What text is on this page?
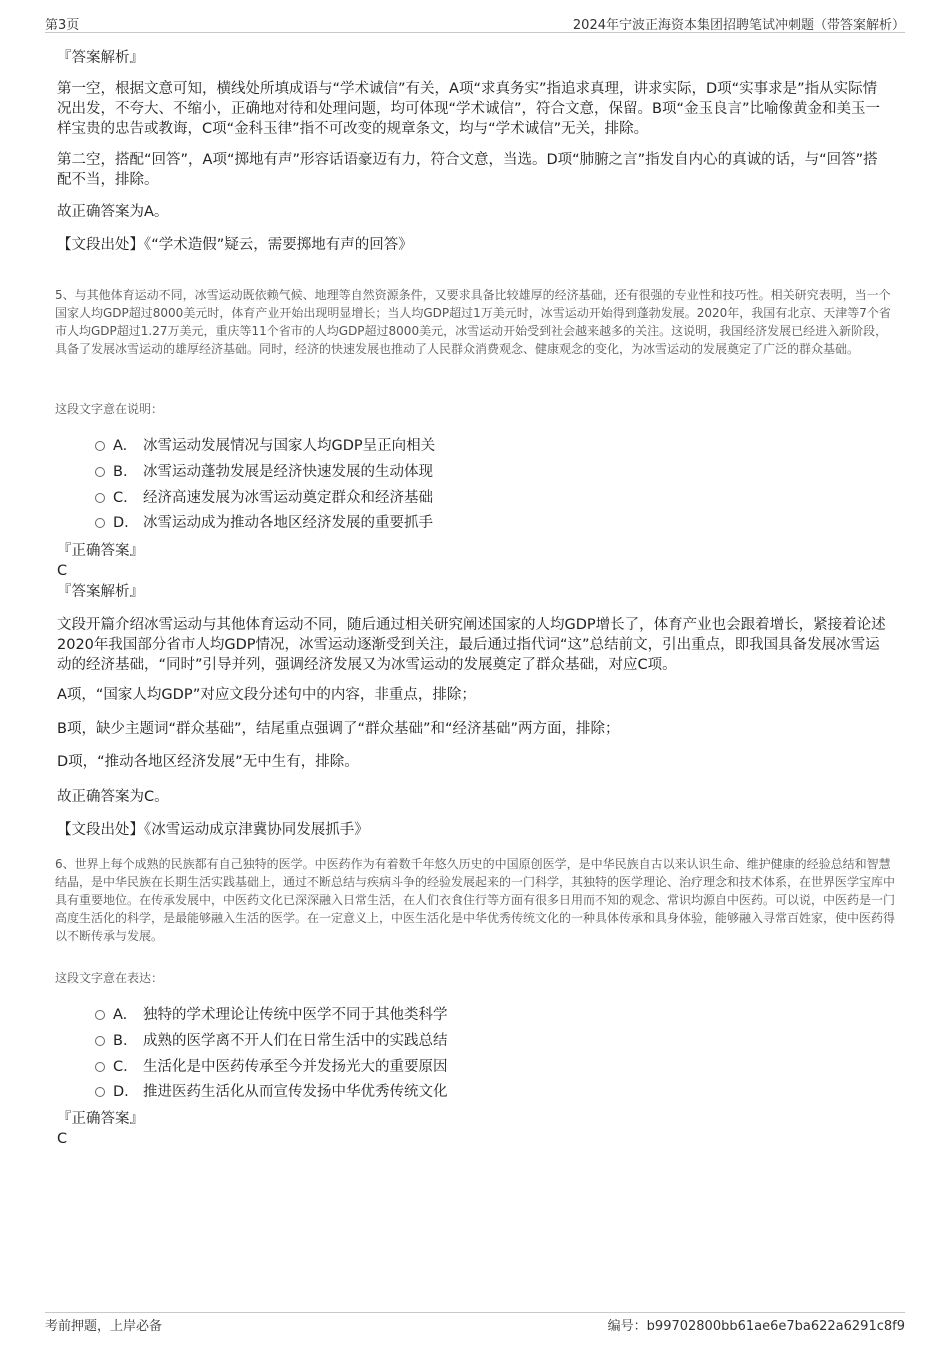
第3页	2024年宁波正海资本集团招聘笔试冲刺题（带答案解析）

『答案解析』

第一空，根据文意可知，横线处所填成语与“学术诚信”有关，A项“求真务实”指追求真理，讲求实际，D项“实事求是”指从实际情况出发，不夸大、不缩小，正确地对待和处理问题，均可体现“学术诚信”，符合文意，保留。B项“金玉良言”比喻像黄金和美玉一样宝贵的忠告或教诲，C项“金科玉律”指不可改变的规章条文，均与“学术诚信”无关，排除。

第二空，搭配“回答”，A项“掷地有声”形容话语豪迈有力，符合文意，当选。D项“肺腑之言”指发自内心的真诚的话，与“回答”搭配不当，排除。

故正确答案为A。

【文段出处】《“学术造假”疑云，需要掷地有声的回答》

5、与其他体育运动不同，冰雪运动既依赖气候、地理等自然资源条件，又要求具备比较雄厚的经济基础，还有很强的专业性和技巧性。相关研究表明，当一个国家人均GDP超过8000美元时，体育产业开始出现明显增长；当人均GDP超过1万美元时，冰雪运动开始得到蓬勃发展。2020年，我国有北京、天津等7个省市人均GDP超过1.27万美元，重庆等11个省市的人均GDP超过8000美元，冰雪运动开始受到社会越来越多的关注。这说明，我国经济发展已经进入新阶段，具备了发展冰雪运动的雄厚经济基础。同时，经济的快速发展也推动了人民群众消费观念、健康观念的变化，为冰雪运动的发展奠定了广泛的群众基础。

这段文字意在说明：

A. 冰雪运动发展情况与国家人均GDP呈正向相关
B. 冰雪运动蓬勃发展是经济快速发展的生动体现
C. 经济高速发展为冰雪运动奠定群众和经济基础
D. 冰雪运动成为推动各地区经济发展的重要抓手

『正确答案』

C

『答案解析』

文段开篇介绍冰雪运动与其他体育运动不同，随后通过相关研究阐述国家的人均GDP增长了，体育产业也会跟着增长，紧接着论述2020年我国部分省市人均GDP情况，冰雪运动逐渐受到关注，最后通过指代词“这”总结前文，引出重点，即我国具备发展冰雪运动的经济基础，“同时”引导并列，强调经济发展又为冰雪运动的发展奠定了群众基础，对应C项。

A项，“国家人均GDP”对应文段分述句中的内容，非重点，排除；

B项，缺少主题词“群众基础”，结尾重点强调了“群众基础”和“经济基础”两方面，排除；

D项，“推动各地区经济发展”无中生有，排除。

故正确答案为C。

【文段出处】《冰雪运动成京津冀协同发展抓手》

6、世界上每个成熟的民族都有自己独特的医学。中医药作为有着数千年悠久历史的中国原创医学，是中华民族自古以来认识生命、维护健康的经验总结和智慧结晶，是中华民族在长期生活实践基础上，通过不断总结与疾病斗争的经验发展起来的一门科学，其独特的医学理论、治疗理念和技术体系，在世界医学宝库中具有重要地位。在传承发展中，中医药文化已深深融入日常生活，在人们衣食住行等方面有很多日用而不知的观念、常识均源自中医药。可以说，中医药是一门高度生活化的科学，是最能够融入生活的医学。在一定意义上，中医生活化是中华优秀传统文化的一种具体传承和具身体验，能够融入寻常百姓家，使中医药得以不断传承与发展。

这段文字意在表达：

A. 独特的学术理论让传统中医学不同于其他类科学
B. 成熟的医学离不开人们在日常生活中的实践总结
C. 生活化是中医药传承至今并发扬光大的重要原因
D. 推进医药生活化从而宣传发扬中华优秀传统文化

『正确答案』

C

考前押题，上岸必备	编号：b99702800bb61ae6e7ba622a6291c8f9
